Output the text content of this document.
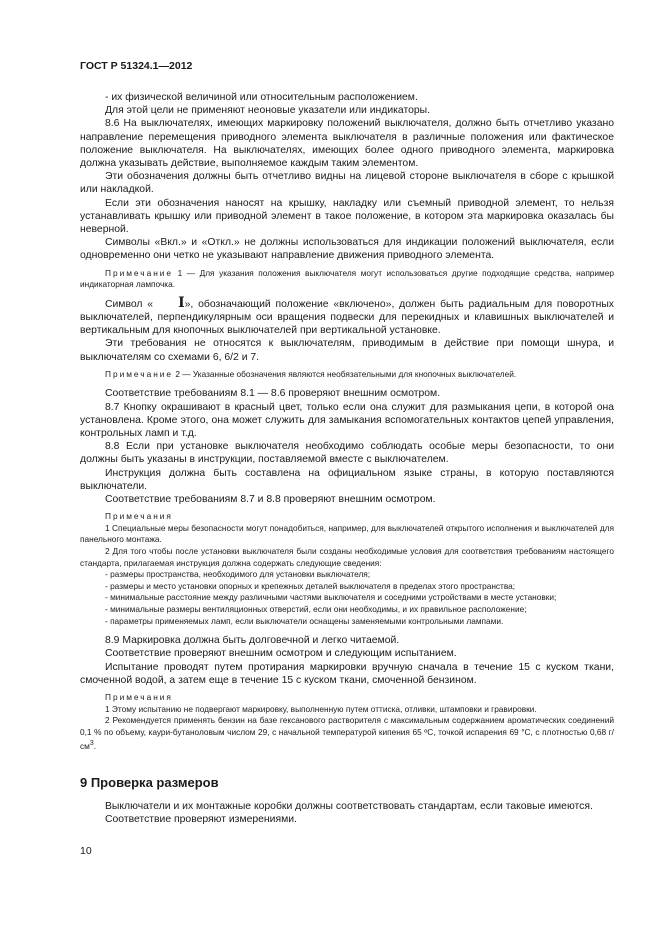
ГОСТ Р 51324.1—2012

- их физической величиной или относительным расположением.

Для этой цели не применяют неоновые указатели или индикаторы.

8.6 На выключателях, имеющих маркировку положений выключателя, должно быть отчетливо указано направление перемещения приводного элемента выключателя в различные положения или фактическое положение выключателя. На выключателях, имеющих более одного приводного элемента, маркировка должна указывать действие, выполняемое каждым таким элементом.

Эти обозначения должны быть отчетливо видны на лицевой стороне выключателя в сборе с крышкой или накладкой.

Если эти обозначения наносят на крышку, накладку или съемный приводной элемент, то нельзя устанавливать крышку или приводной элемент в такое положение, в котором эта маркировка оказалась бы неверной.

Символы «Вкл.» и «Откл.» не должны использоваться для индикации положений выключателя, если одновременно они четко не указывают направление движения приводного элемента.

Примечание 1 — Для указания положения выключателя могут использоваться другие подходящие средства, например индикаторная лампочка.

Символ « I», обозначающий положение «включено», должен быть радиальным для поворотных выключателей, перпендикулярным оси вращения подвески для перекидных и клавишных выключателей и вертикальным для кнопочных выключателей при вертикальной установке.

Эти требования не относятся к выключателям, приводимым в действие при помощи шнура, и выключателям со схемами 6, 6/2 и 7.

Примечание 2 — Указанные обозначения являются необязательными для кнопочных выключателей.

Соответствие требованиям 8.1 — 8.6 проверяют внешним осмотром.

8.7 Кнопку окрашивают в красный цвет, только если она служит для размыкания цепи, в которой она установлена. Кроме этого, она может служить для замыкания вспомогательных контактов цепей управления, контрольных ламп и т.д.

8.8 Если при установке выключателя необходимо соблюдать особые меры безопасности, то они должны быть указаны в инструкции, поставляемой вместе с выключателем.

Инструкция должна быть составлена на официальном языке страны, в которую поставляются выключатели.

Соответствие требованиям 8.7 и 8.8 проверяют внешним осмотром.

Примечания

1 Специальные меры безопасности могут понадобиться, например, для выключателей открытого исполнения и выключателей для панельного монтажа.

2 Для того чтобы после установки выключателя были созданы необходимые условия для соответствия требованиям настоящего стандарта, прилагаемая инструкция должна содержать следующие сведения:

- размеры пространства, необходимого для установки выключателя;

- размеры и место установки опорных и крепежных деталей выключателя в пределах этого пространства;

- минимальные расстояние между различными частями выключателя и соседними устройствами в месте установки;

- минимальные размеры вентиляционных отверстий, если они необходимы, и их правильное расположение;

- параметры применяемых ламп, если выключатели оснащены заменяемыми контрольными лампами.

8.9 Маркировка должна быть долговечной и легко читаемой.

Соответствие проверяют внешним осмотром и следующим испытанием.

Испытание проводят путем протирания маркировки вручную сначала в течение 15 с куском ткани, смоченной водой, а затем еще в течение 15 с куском ткани, смоченной бензином.

Примечания

1 Этому испытанию не подвергают маркировку, выполненную путем оттиска, отливки, штамповки и гравировки.

2 Рекомендуется применять бензин на базе гексанового растворителя с максимальным содержанием ароматических соединений 0,1 % по объему, каури-бутаноловым числом 29, с начальной температурой кипения 65 ºC, точкой испарения 69 °C, с плотностью 0,68 $г/см^3$.

9 Проверка размеров

Выключатели и их монтажные коробки должны соответствовать стандартам, если таковые имеются.

Соответствие проверяют измерениями.

10
